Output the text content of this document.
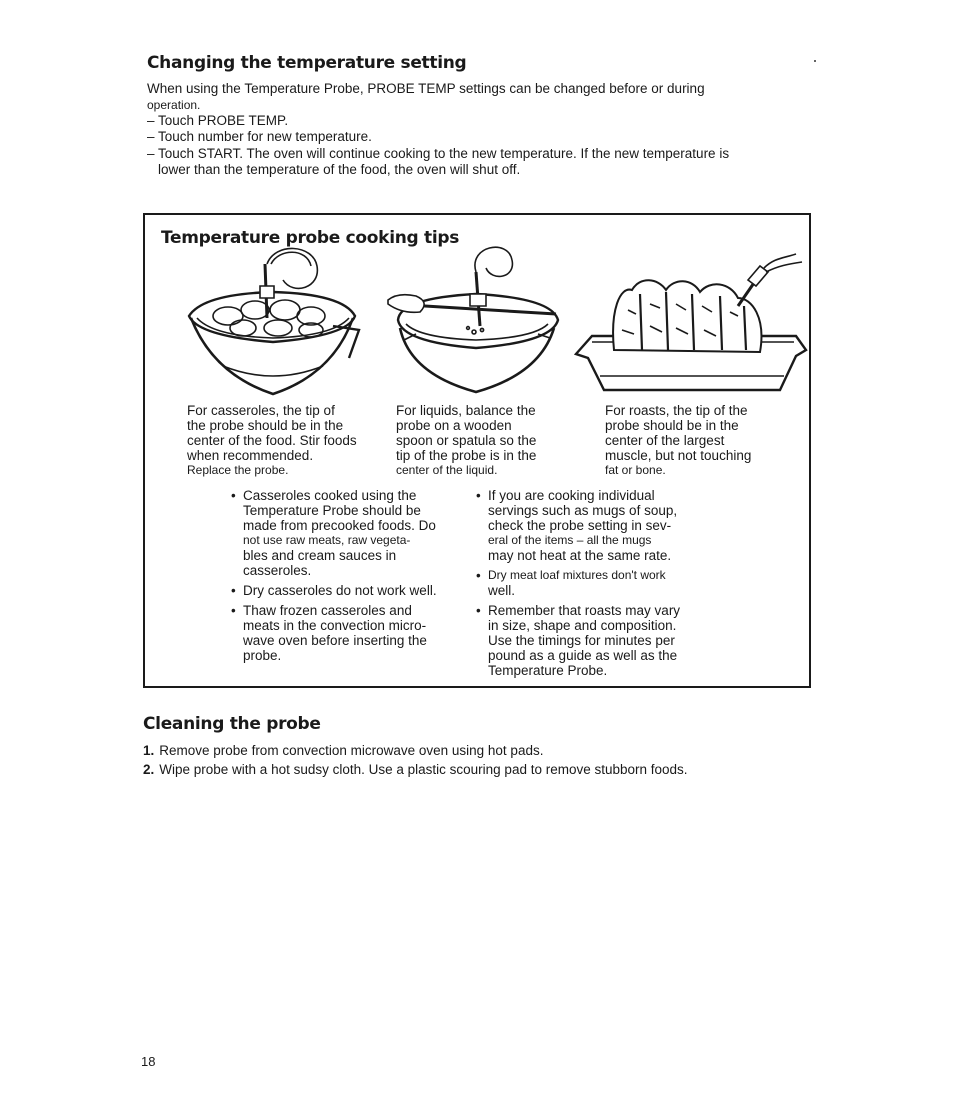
Changing the temperature setting

When using the Temperature Probe, PROBE TEMP settings can be changed before or during

operation.

– Touch PROBE TEMP.

– Touch number for new temperature.

– Touch START. The oven will continue cooking to the new temperature. If the new temperature is

lower than the temperature of the food, the oven will shut off.

Temperature probe cooking tips
For casseroles, the tip of
the probe should be in the
center of the food. Stir foods
when recommended.
Replace the probe.
For liquids, balance the
probe on a wooden
spoon or spatula so the
tip of the probe is in the
center of the liquid.
For roasts, the tip of the
probe should be in the
center of the largest
muscle, but not touching
fat or bone.
• Casseroles cooked using the
Temperature Probe should be
made from precooked foods. Do
not use raw meats, raw vegeta-
bles and cream sauces in
casseroles.
• Dry casseroles do not work well.
• Thaw frozen casseroles and
meats in the convection micro-
wave oven before inserting the
probe.
• If you are cooking individual
servings such as mugs of soup,
check the probe setting in sev-
eral of the items – all the mugs
may not heat at the same rate.
• Dry meat loaf mixtures don't work
well.
• Remember that roasts may vary
in size, shape and composition.
Use the timings for minutes per
pound as a guide as well as the
Temperature Probe.
Cleaning the probe

1. Remove probe from convection microwave oven using hot pads.

2. Wipe probe with a hot sudsy cloth. Use a plastic scouring pad to remove stubborn foods.

18
